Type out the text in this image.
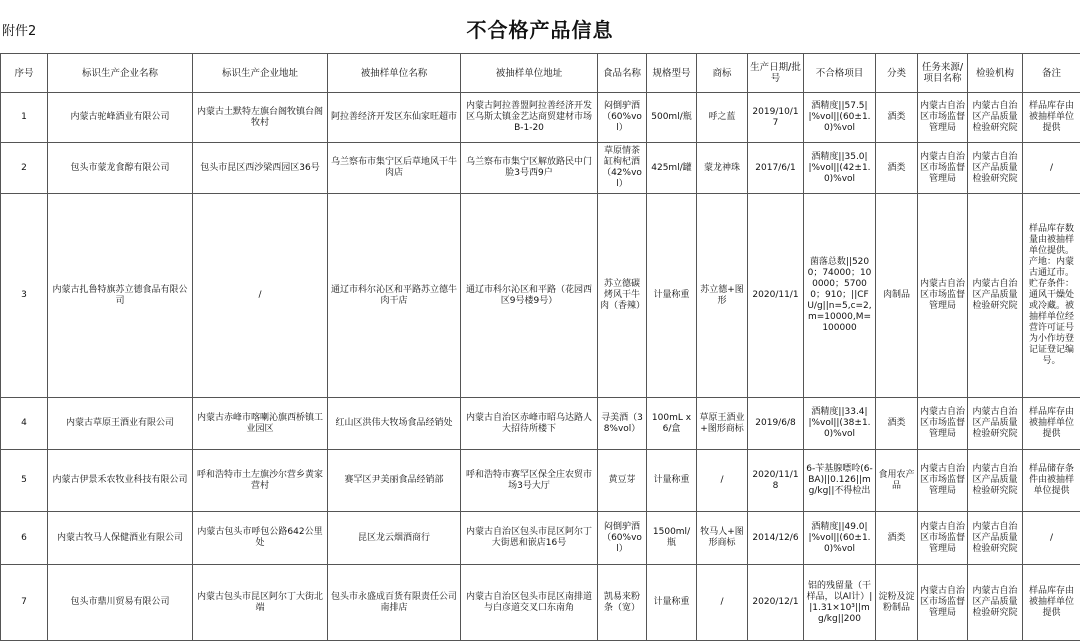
附件2	不合格产品信息
序号	标识生产企业名称	标识生产企业地址	被抽样单位名称	被抽样单位地址	食品名称	规格型号	商标	生产日期/批号	不合格项目	分类	任务来源/项目名称	检验机构	备注
1	内蒙古驼峰酒业有限公司	内蒙古土默特左旗台阁牧镇台阁牧村	阿拉善经济开发区东仙家旺超市	内蒙古阿拉善盟阿拉善经济开发区乌斯太镇金艺达商贸建材市场B-1-20	闷倒驴酒（60%vol）	500ml/瓶	呼之蓝	2019/10/17	酒精度||57.5||%vol||(60±1.0)%vol	酒类	内蒙古自治区市场监督管理局	内蒙古自治区产品质量检验研究院	样品库存由被抽样单位提供
2	包头市蒙龙食醇有限公司	包头市昆区西沙梁西园区36号	乌兰察布市集宁区后草地风干牛肉店	乌兰察布市集宁区解放路民中门脸3号西9户	草原情茶缸枸杞酒（42%vol）	425ml/罐	蒙龙神珠	2017/6/1	酒精度||35.0||%vol||(42±1.0)%vol	酒类	内蒙古自治区市场监督管理局	内蒙古自治区产品质量检验研究院	/
3	内蒙古扎鲁特旗苏立德食品有限公司	/	通辽市科尔沁区和平路苏立德牛肉干店	通辽市科尔沁区和平路（花园西区9号楼9号）	苏立德碳烤风干牛肉（香辣）	计量称重	苏立德+图形	2020/11/1	菌落总数||5200；74000；100000；57000；910；||CFU/g||n=5,c=2,m=10000,M=100000	肉制品	内蒙古自治区市场监督管理局	内蒙古自治区产品质量检验研究院	样品库存数量由被抽样单位提供。产地：内蒙古通辽市。贮存条件：通风干燥处或冷藏。被抽样单位经营许可证号为小作坊登记证登记编号。
4	内蒙古草原王酒业有限公司	内蒙古赤峰市喀喇沁旗西桥镇工业园区	红山区洪伟大牧场食品经销处	内蒙古自治区赤峰市昭乌达路人大招待所楼下	寻美酒（38%vol）	100mL x 6/盒	草原王酒业+图形商标	2019/6/8	酒精度||33.4||%vol||(38±1.0)%vol	酒类	内蒙古自治区市场监督管理局	内蒙古自治区产品质量检验研究院	样品库存由被抽样单位提供
5	内蒙古伊景禾农牧业科技有限公司	呼和浩特市土左旗沙尔营乡黄家营村	赛罕区尹美丽食品经销部	呼和浩特市赛罕区保全庄农贸市场3号大厅	黄豆芽	计量称重	/	2020/11/18	6-苄基腺嘌呤(6-BA)||0.126||mg/kg||不得检出	食用农产品	内蒙古自治区市场监督管理局	内蒙古自治区产品质量检验研究院	样品储存条件由被抽样单位提供
6	内蒙古牧马人保健酒业有限公司	内蒙古包头市呼包公路642公里处	昆区龙云烟酒商行	内蒙古自治区包头市昆区阿尔丁大街恩和嵌店16号	闷倒驴酒（60%vol）	1500ml/瓶	牧马人+图形商标	2014/12/6	酒精度||49.0||%vol||(60±1.0)%vol	酒类	内蒙古自治区市场监督管理局	内蒙古自治区产品质量检验研究院	/
7	包头市鼎川贸易有限公司	内蒙古包头市昆区阿尔丁大街北端	包头市永盛成百货有限责任公司南排店	内蒙古自治区包头市昆区南排道与白彦道交叉口东南角	凯易来粉条（宽）	计量称重	/	2020/12/1	铝的残留量（干样品，以Al计）||1.31×10³||mg/kg||200	淀粉及淀粉制品	内蒙古自治区市场监督管理局	内蒙古自治区产品质量检验研究院	样品库存由被抽样单位提供
